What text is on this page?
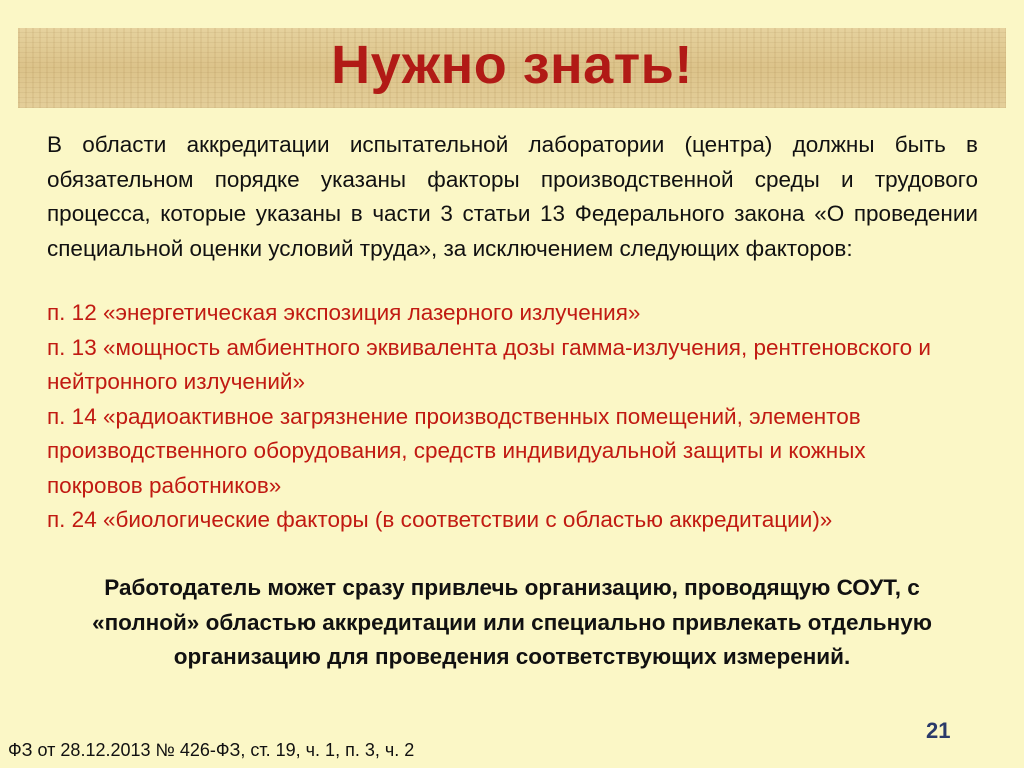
Нужно знать!
В области аккредитации испытательной лаборатории (центра) должны быть в обязательном порядке указаны факторы производственной среды и трудового процесса, которые указаны в части 3 статьи 13 Федерального закона «О проведении специальной оценки условий труда», за исключением следующих факторов:

п. 12 «энергетическая экспозиция лазерного излучения»

п. 13 «мощность амбиентного эквивалента дозы гамма-излучения, рентгеновского и нейтронного излучений»

п. 14 «радиоактивное загрязнение производственных помещений, элементов производственного оборудования, средств индивидуальной защиты и кожных покровов работников»

п. 24 «биологические факторы (в соответствии с областью аккредитации)»

Работодатель может сразу привлечь организацию, проводящую СОУТ, с «полной» областью аккредитации или специально привлекать отдельную организацию для проведения соответствующих измерений.
21
ФЗ от 28.12.2013 № 426-ФЗ, ст. 19, ч. 1, п. 3, ч. 2
